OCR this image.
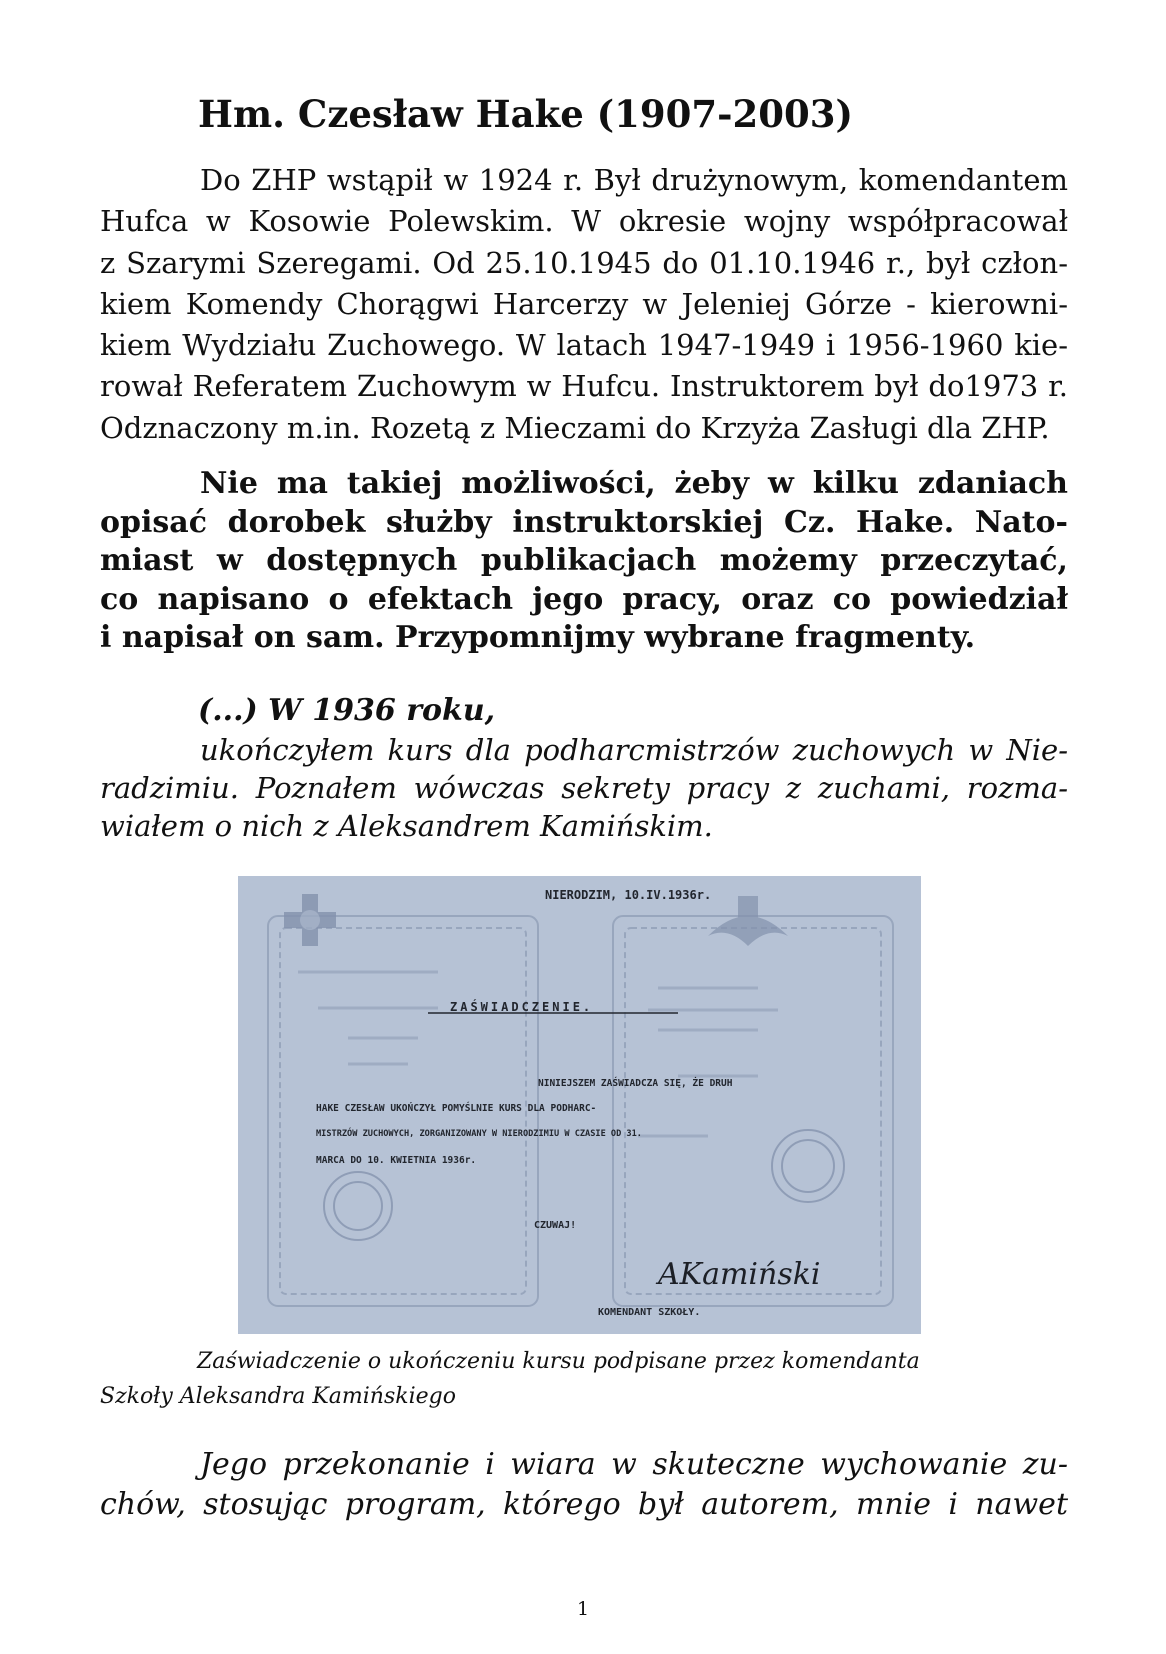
Hm. Czesław Hake (1907-2003)
Do ZHP wstąpił w 1924 r. Był drużynowym, komendantem
Hufca w Kosowie Polewskim. W okresie wojny współpracował
z Szarymi Szeregami. Od 25.10.1945 do 01.10.1946 r., był człon-
kiem Komendy Chorągwi Harcerzy w Jeleniej Górze - kierowni-
kiem Wydziału Zuchowego. W latach 1947-1949 i 1956-1960 kie-
rował Referatem Zuchowym w Hufcu. Instruktorem był do1973 r.
Odznaczony m.in. Rozetą z Mieczami do Krzyża Zasługi dla ZHP.
Nie ma takiej możliwości, żeby w kilku zdaniach
opisać dorobek służby instruktorskiej Cz. Hake. Nato-
miast w dostępnych publikacjach możemy przeczytać,
co napisano o efektach jego pracy, oraz co powiedział
i napisał on sam. Przypomnijmy wybrane fragmenty.
(...) W 1936 roku,
ukończyłem kurs dla podharcmistrzów zuchowych w Nie-
radzimiu. Poznałem wówczas sekrety pracy z zuchami, rozma-
wiałem o nich z Aleksandrem Kamińskim.
NIERODZIM, 10.IV.1936r.
ZAŚWIADCZENIE.
NINIEJSZEM ZAŚWIADCZA SIĘ, ŻE DRUH
HAKE CZESŁAW UKOŃCZYŁ POMYŚLNIE KURS DLA PODHARC-
MISTRZÓW ZUCHOWYCH, ZORGANIZOWANY W NIERODZIMIU W CZASIE OD 31.
MARCA DO 10. KWIETNIA 1936r.
CZUWAJ!
AKamiński
KOMENDANT SZKOŁY.
Zaświadczenie o ukończeniu kursu podpisane przez komendanta
Szkoły Aleksandra Kamińskiego
Jego przekonanie i wiara w skuteczne wychowanie zu-
chów, stosując program, którego był autorem, mnie i nawet
1
